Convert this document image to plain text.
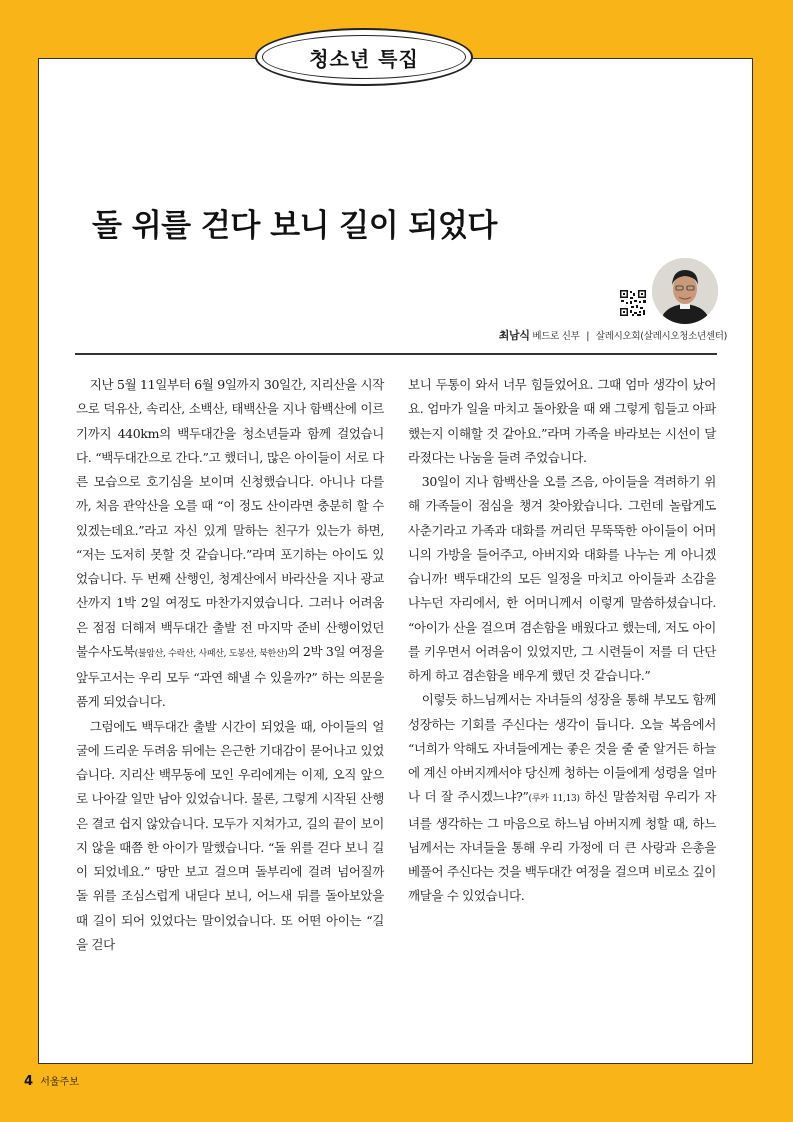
청소년 특집
돌 위를 걷다 보니 길이 되었다
최남식 베드로 신부 | 살레시오회(살레시오청소년센터)

지난 5월 11일부터 6월 9일까지 30일간, 지리산을 시작으로 덕유산, 속리산, 소백산, 태백산을 지나 함백산에 이르기까지 440km의 백두대간을 청소년들과 함께 걸었습니다. “백두대간으로 간다.”고 했더니, 많은 아이들이 서로 다른 모습으로 호기심을 보이며 신청했습니다. 아니나 다를까, 처음 관악산을 오를 때 “이 정도 산이라면 충분히 할 수 있겠는데요.”라고 자신 있게 말하는 친구가 있는가 하면, “저는 도저히 못할 것 같습니다.”라며 포기하는 아이도 있었습니다. 두 번째 산행인, 청계산에서 바라산을 지나 광교산까지 1박 2일 여정도 마찬가지였습니다. 그러나 어려움은 점점 더해져 백두대간 출발 전 마지막 준비 산행이었던 불수사도북(불암산, 수락산, 사패산, 도봉산, 북한산)의 2박 3일 여정을 앞두고서는 우리 모두 “과연 해낼 수 있을까?” 하는 의문을 품게 되었습니다.

그럼에도 백두대간 출발 시간이 되었을 때, 아이들의 얼굴에 드리운 두려움 뒤에는 은근한 기대감이 묻어나고 있었습니다. 지리산 백무동에 모인 우리에게는 이제, 오직 앞으로 나아갈 일만 남아 있었습니다. 물론, 그렇게 시작된 산행은 결코 쉽지 않았습니다. 모두가 지쳐가고, 길의 끝이 보이지 않을 때쯤 한 아이가 말했습니다. “돌 위를 걷다 보니 길이 되었네요.” 땅만 보고 걸으며 돌부리에 걸려 넘어질까 돌 위를 조심스럽게 내딛다 보니, 어느새 뒤를 돌아보았을 때 길이 되어 있었다는 말이었습니다. 또 어떤 아이는 “길을 걷다

보니 두통이 와서 너무 힘들었어요. 그때 엄마 생각이 났어요. 엄마가 일을 마치고 돌아왔을 때 왜 그렇게 힘들고 아파했는지 이해할 것 같아요.”라며 가족을 바라보는 시선이 달라졌다는 나눔을 들려 주었습니다.

30일이 지나 함백산을 오를 즈음, 아이들을 격려하기 위해 가족들이 점심을 챙겨 찾아왔습니다. 그런데 놀랍게도 사춘기라고 가족과 대화를 꺼리던 무뚝뚝한 아이들이 어머니의 가방을 들어주고, 아버지와 대화를 나누는 게 아니겠습니까! 백두대간의 모든 일정을 마치고 아이들과 소감을 나누던 자리에서, 한 어머니께서 이렇게 말씀하셨습니다. “아이가 산을 걸으며 겸손함을 배웠다고 했는데, 저도 아이를 키우면서 어려움이 있었지만, 그 시련들이 저를 더 단단하게 하고 겸손함을 배우게 했던 것 같습니다.”

이렇듯 하느님께서는 자녀들의 성장을 통해 부모도 함께 성장하는 기회를 주신다는 생각이 듭니다. 오늘 복음에서 “너희가 악해도 자녀들에게는 좋은 것을 줄 줄 알거든 하늘에 계신 아버지께서야 당신께 청하는 이들에게 성령을 얼마나 더 잘 주시겠느냐?”(루카 11,13) 하신 말씀처럼 우리가 자녀를 생각하는 그 마음으로 하느님 아버지께 청할 때, 하느님께서는 자녀들을 통해 우리 가정에 더 큰 사랑과 은총을 베풀어 주신다는 것을 백두대간 여정을 걸으며 비로소 깊이 깨달을 수 있었습니다.

4 서울주보
